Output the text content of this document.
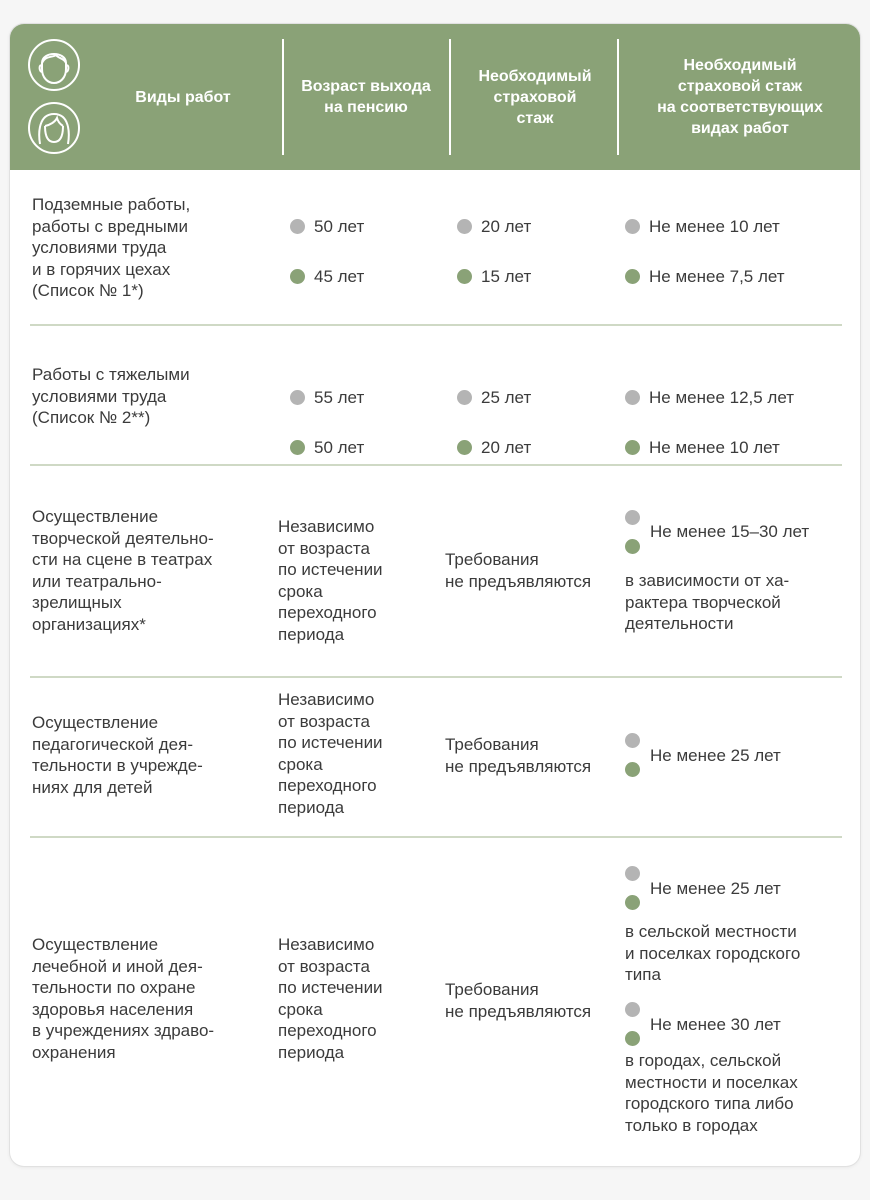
Виды работ
Возраст выхода
на пенсию
Необходимый
страховой
стаж
Необходимый
страховой стаж
на соответствующих
видах работ
Подземные работы,
работы с вредными
условиями труда
и в горячих цехах
(Список № 1*)

50 лет

45 лет

20 лет

15 лет

Не менее 10 лет

Не менее 7,5 лет

Работы с тяжелыми
условиями труда
(Список № 2**)

55 лет

50 лет

25 лет

20 лет

Не менее 12,5 лет

Не менее 10 лет

Осуществление
творческой деятельно-
сти на сцене в театрах
или театрально-
зрелищных
организациях*
Независимо
от возраста
по истечении
срока
переходного
периода
Требования
не предъявляются
Не менее 15–30 лет
в зависимости от ха-
рактера творческой
деятельности
Осуществление
педагогической дея-
тельности в учрежде-
ниях для детей
Независимо
от возраста
по истечении
срока
переходного
периода
Требования
не предъявляются
Не менее 25 лет
Осуществление
лечебной и иной дея-
тельности по охране
здоровья населения
в учреждениях здраво-
охранения
Независимо
от возраста
по истечении
срока
переходного
периода
Требования
не предъявляются
Не менее 25 лет
в сельской местности
и поселках городского
типа
Не менее 30 лет
в городах, сельской
местности и поселках
городского типа либо
только в городах
